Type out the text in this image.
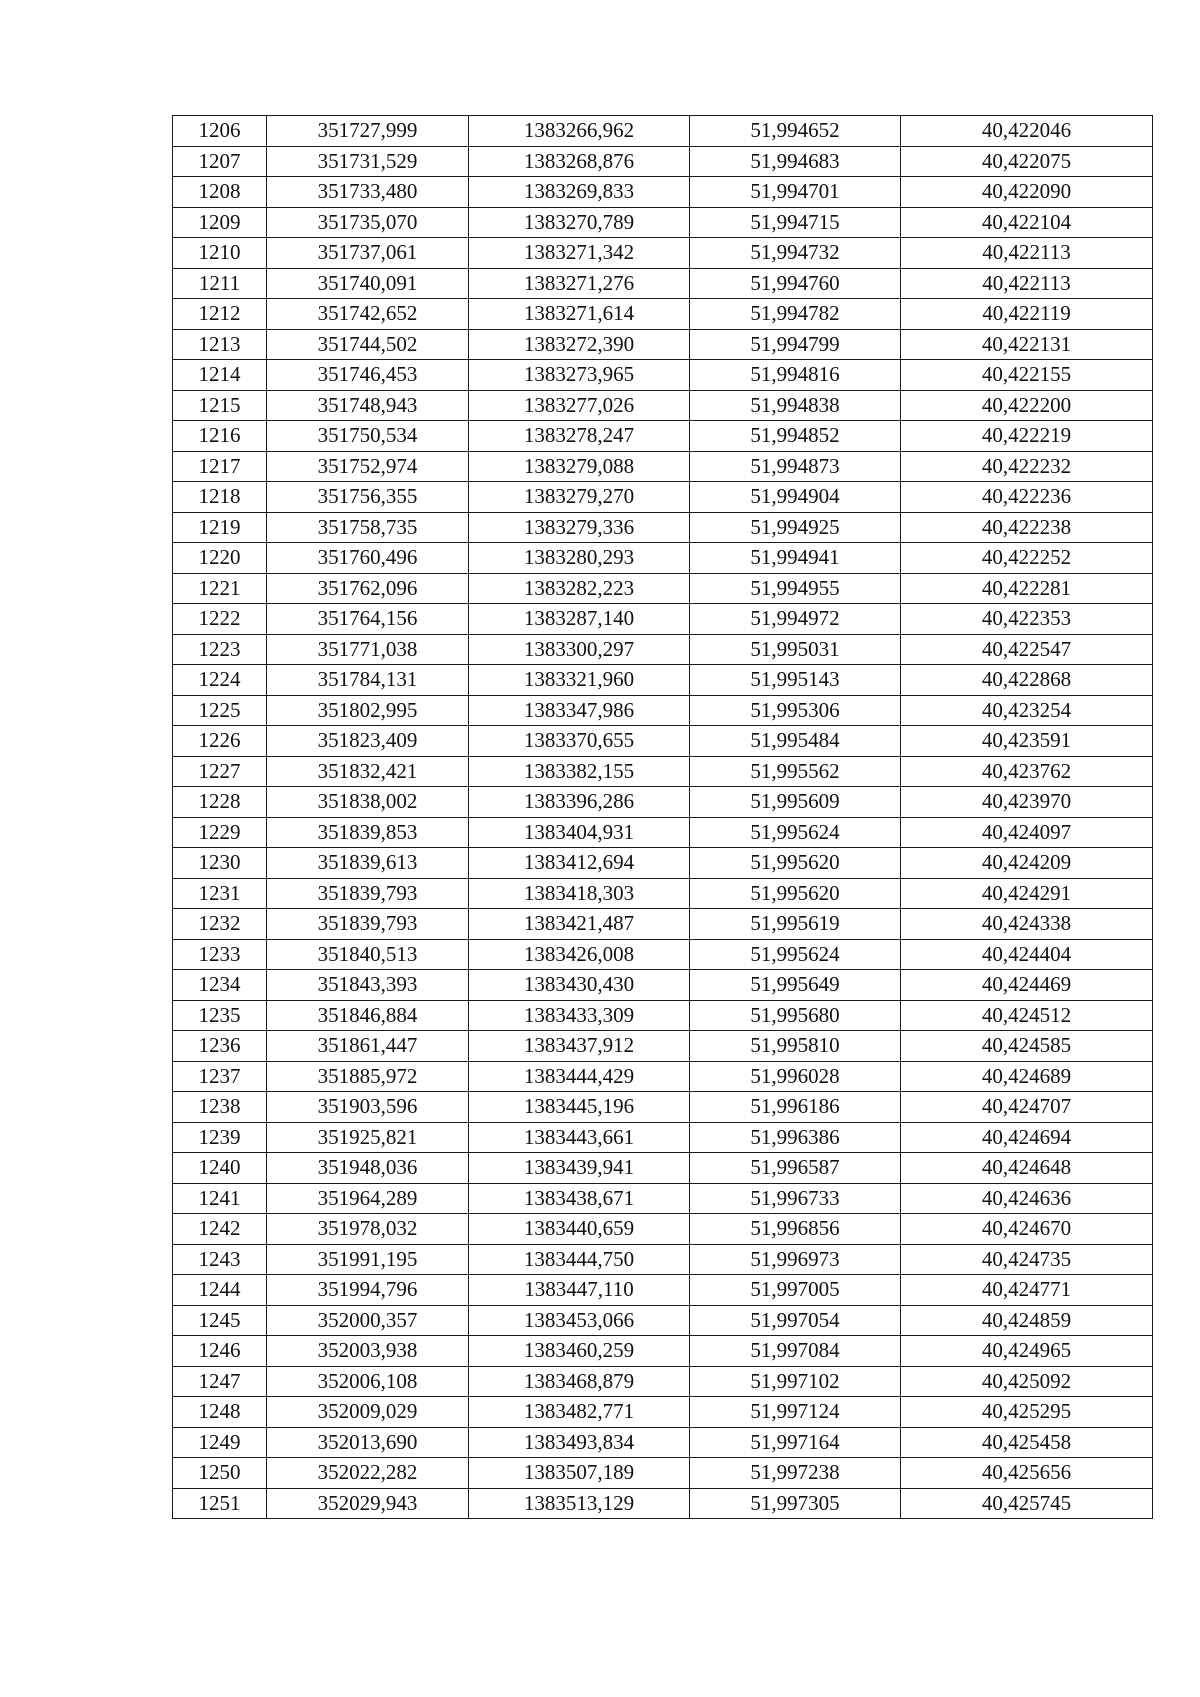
1206	351727,999	1383266,962	51,994652	40,422046
1207	351731,529	1383268,876	51,994683	40,422075
1208	351733,480	1383269,833	51,994701	40,422090
1209	351735,070	1383270,789	51,994715	40,422104
1210	351737,061	1383271,342	51,994732	40,422113
1211	351740,091	1383271,276	51,994760	40,422113
1212	351742,652	1383271,614	51,994782	40,422119
1213	351744,502	1383272,390	51,994799	40,422131
1214	351746,453	1383273,965	51,994816	40,422155
1215	351748,943	1383277,026	51,994838	40,422200
1216	351750,534	1383278,247	51,994852	40,422219
1217	351752,974	1383279,088	51,994873	40,422232
1218	351756,355	1383279,270	51,994904	40,422236
1219	351758,735	1383279,336	51,994925	40,422238
1220	351760,496	1383280,293	51,994941	40,422252
1221	351762,096	1383282,223	51,994955	40,422281
1222	351764,156	1383287,140	51,994972	40,422353
1223	351771,038	1383300,297	51,995031	40,422547
1224	351784,131	1383321,960	51,995143	40,422868
1225	351802,995	1383347,986	51,995306	40,423254
1226	351823,409	1383370,655	51,995484	40,423591
1227	351832,421	1383382,155	51,995562	40,423762
1228	351838,002	1383396,286	51,995609	40,423970
1229	351839,853	1383404,931	51,995624	40,424097
1230	351839,613	1383412,694	51,995620	40,424209
1231	351839,793	1383418,303	51,995620	40,424291
1232	351839,793	1383421,487	51,995619	40,424338
1233	351840,513	1383426,008	51,995624	40,424404
1234	351843,393	1383430,430	51,995649	40,424469
1235	351846,884	1383433,309	51,995680	40,424512
1236	351861,447	1383437,912	51,995810	40,424585
1237	351885,972	1383444,429	51,996028	40,424689
1238	351903,596	1383445,196	51,996186	40,424707
1239	351925,821	1383443,661	51,996386	40,424694
1240	351948,036	1383439,941	51,996587	40,424648
1241	351964,289	1383438,671	51,996733	40,424636
1242	351978,032	1383440,659	51,996856	40,424670
1243	351991,195	1383444,750	51,996973	40,424735
1244	351994,796	1383447,110	51,997005	40,424771
1245	352000,357	1383453,066	51,997054	40,424859
1246	352003,938	1383460,259	51,997084	40,424965
1247	352006,108	1383468,879	51,997102	40,425092
1248	352009,029	1383482,771	51,997124	40,425295
1249	352013,690	1383493,834	51,997164	40,425458
1250	352022,282	1383507,189	51,997238	40,425656
1251	352029,943	1383513,129	51,997305	40,425745
